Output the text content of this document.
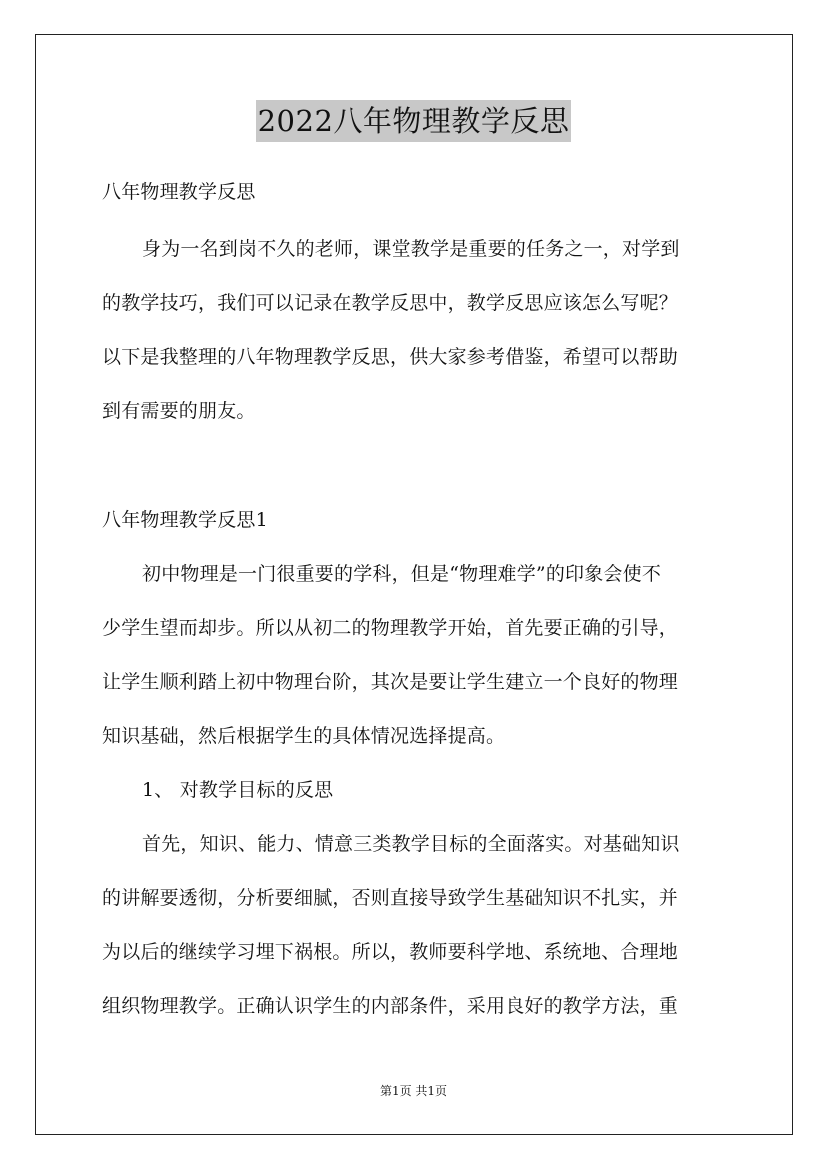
2022八年物理教学反思
八年物理教学反思
身为一名到岗不久的老师，课堂教学是重要的任务之一，对学到
的教学技巧，我们可以记录在教学反思中，教学反思应该怎么写呢？
以下是我整理的八年物理教学反思，供大家参考借鉴，希望可以帮助
到有需要的朋友。
八年物理教学反思1
初中物理是一门很重要的学科，但是“物理难学”的印象会使不
少学生望而却步。所以从初二的物理教学开始，首先要正确的引导，
让学生顺利踏上初中物理台阶，其次是要让学生建立一个良好的物理
知识基础，然后根据学生的具体情况选择提高。
1、 对教学目标的反思
首先，知识、能力、情意三类教学目标的全面落实。对基础知识
的讲解要透彻，分析要细腻，否则直接导致学生基础知识不扎实，并
为以后的继续学习埋下祸根。所以，教师要科学地、系统地、合理地
组织物理教学。正确认识学生的内部条件，采用良好的教学方法，重
第1页 共1页
